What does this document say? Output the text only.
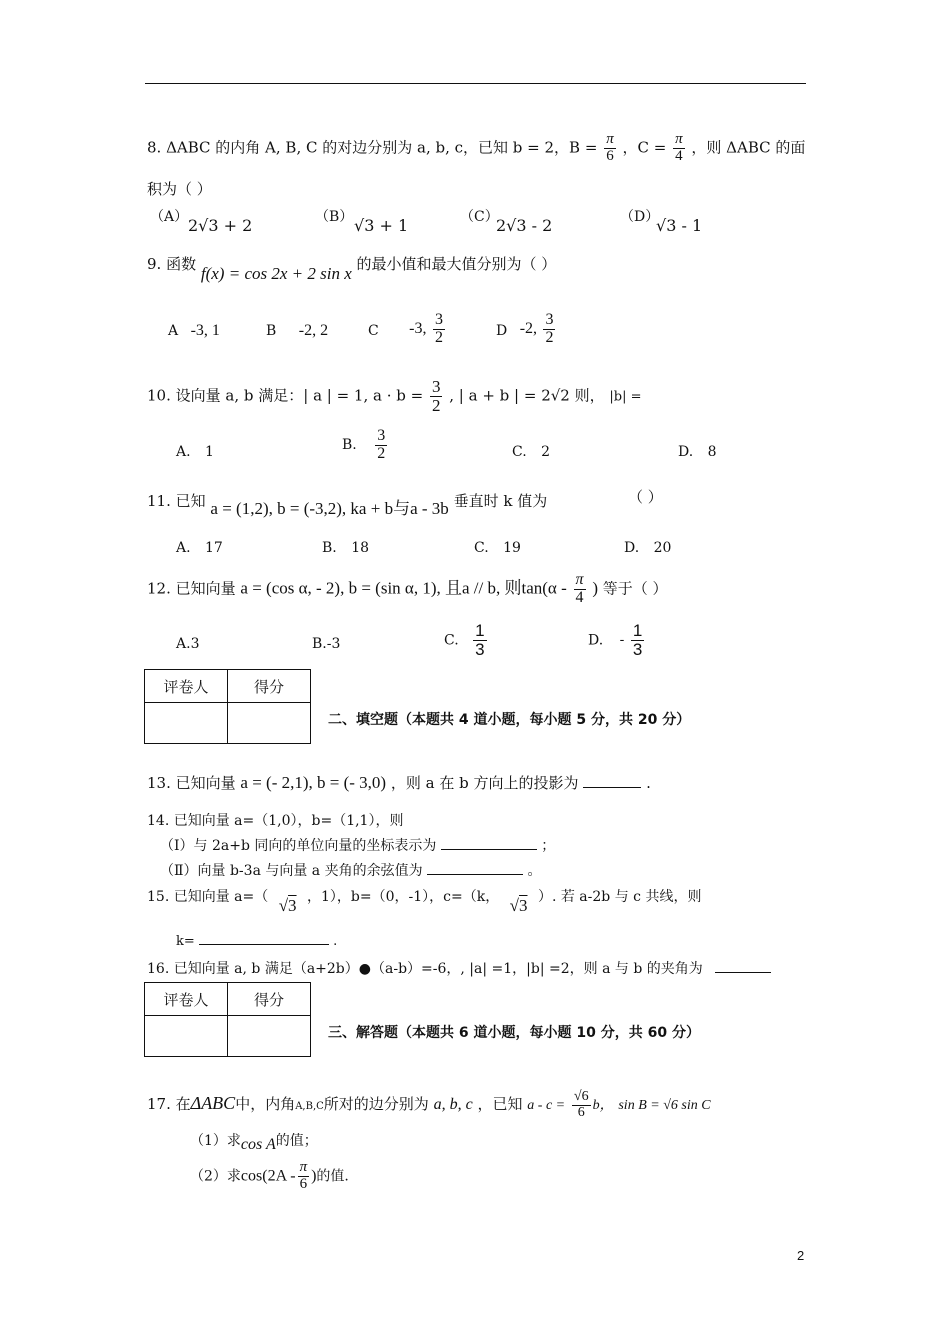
8. ΔABC 的内角 A, B, C 的对边分别为 a, b, c，已知 b = 2，$B = \frac{\pi}{6}$ ，$C = \frac{\pi}{4}$ ，则 ΔABC 的面
积为（ ）
（A） 2√3 + 2	（B） √3 + 1	（C）
2√3 - 2	（D）
√3 - 1
9. 函数 f(x) = cos 2x + 2 sin x 的最小值和最大值分别为（ ）
A -3, 1	B -2, 2	C -3, $\frac{3}{2}$	D -2, $\frac{3}{2}$
10. 设向量 a, b 满足：| a | = 1, $a \cdot b = \frac{3}{2}$ , | a + b | = 2√2 则， |b| =
A. 1	B. $\frac{3}{2}$	C. 2	D. 8
11. 已知 a = (1,2), b = (-3,2), ka + b与a - 3b 垂直时 k 值为	（ ）
A. 17	B. 18	C. 19	D. 20
12. 已知向量 a = (cos α, - 2), b = (sin α, 1), 且a // b, 则$\tan(\alpha - \frac{\pi}{4}$ ) 等于（ ）
A.3	B.-3	C. $\frac{1}{3}$	D. - $\frac{1}{3}$
评卷人	得分

二、填空题（本题共 4 道小题，每小题 5 分，共 20 分）
13. 已知向量 a = (- 2,1), b = (- 3,0) ，则 a 在 b 方向上的投影为	.
14. 已知向量 a=（1,0），b=（1,1），则
（Ⅰ）与 2a+b 同向的单位向量的坐标表示为	；
（Ⅱ）向量 b-3a 与向量 a 夹角的余弦值为	。
15. 已知向量 a=（ √3 ，1），b=（0，-1），c=（k， √3 ）. 若 a-2b 与 c 共线，则
k=	.
16. 已知向量 a, b 满足（a+2b）●（a-b）=-6，, |a| =1，|b| =2，则 a 与 b 的夹角为
评卷人	得分

三、解答题（本题共 6 道小题，每小题 10 分，共 60 分）
17. 在ΔABC中，内角A,B,C所对的边分别为 a, b, c ，已知 $a - c = \frac{√6}{6}$ b， sin B = √6 sin C
（1）求cos A的值；
（2）求$\cos(2A - \frac{\pi}{6}$ )的值.
2
